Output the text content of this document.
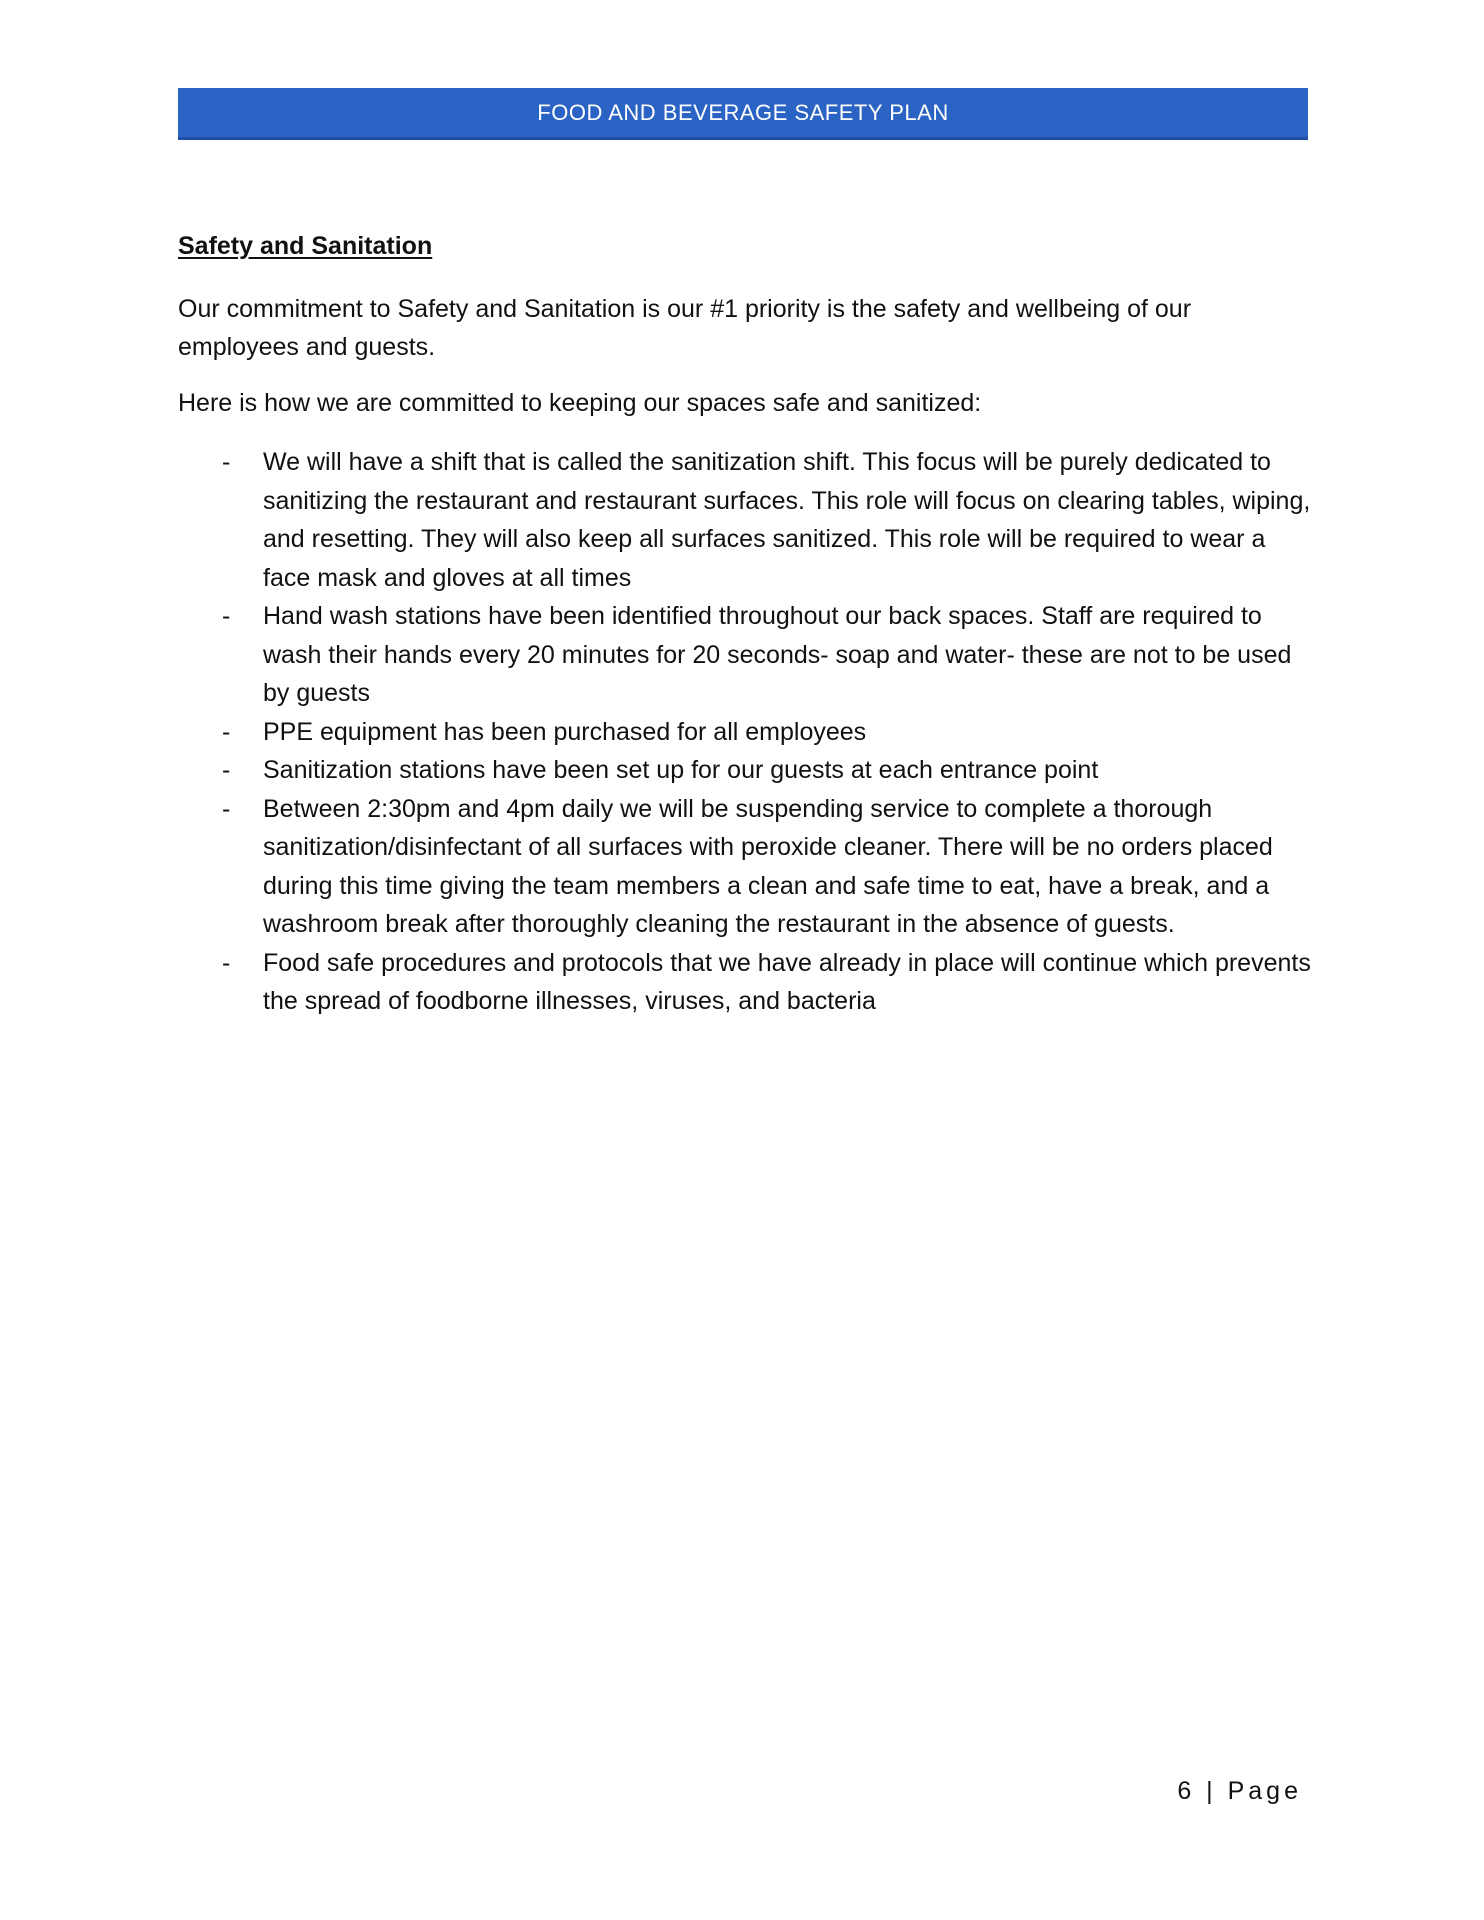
FOOD AND BEVERAGE SAFETY PLAN
Safety and Sanitation

Our commitment to Safety and Sanitation is our #1 priority is the safety and wellbeing of our employees and guests.

Here is how we are committed to keeping our spaces safe and sanitized:

- We will have a shift that is called the sanitization shift. This focus will be purely dedicated to sanitizing the restaurant and restaurant surfaces. This role will focus on clearing tables, wiping, and resetting. They will also keep all surfaces sanitized. This role will be required to wear a face mask and gloves at all times
- Hand wash stations have been identified throughout our back spaces. Staff are required to wash their hands every 20 minutes for 20 seconds- soap and water- these are not to be used by guests
- PPE equipment has been purchased for all employees
- Sanitization stations have been set up for our guests at each entrance point
- Between 2:30pm and 4pm daily we will be suspending service to complete a thorough sanitization/disinfectant of all surfaces with peroxide cleaner. There will be no orders placed during this time giving the team members a clean and safe time to eat, have a break, and a washroom break after thoroughly cleaning the restaurant in the absence of guests.
- Food safe procedures and protocols that we have already in place will continue which prevents the spread of foodborne illnesses, viruses, and bacteria
6 | Page
